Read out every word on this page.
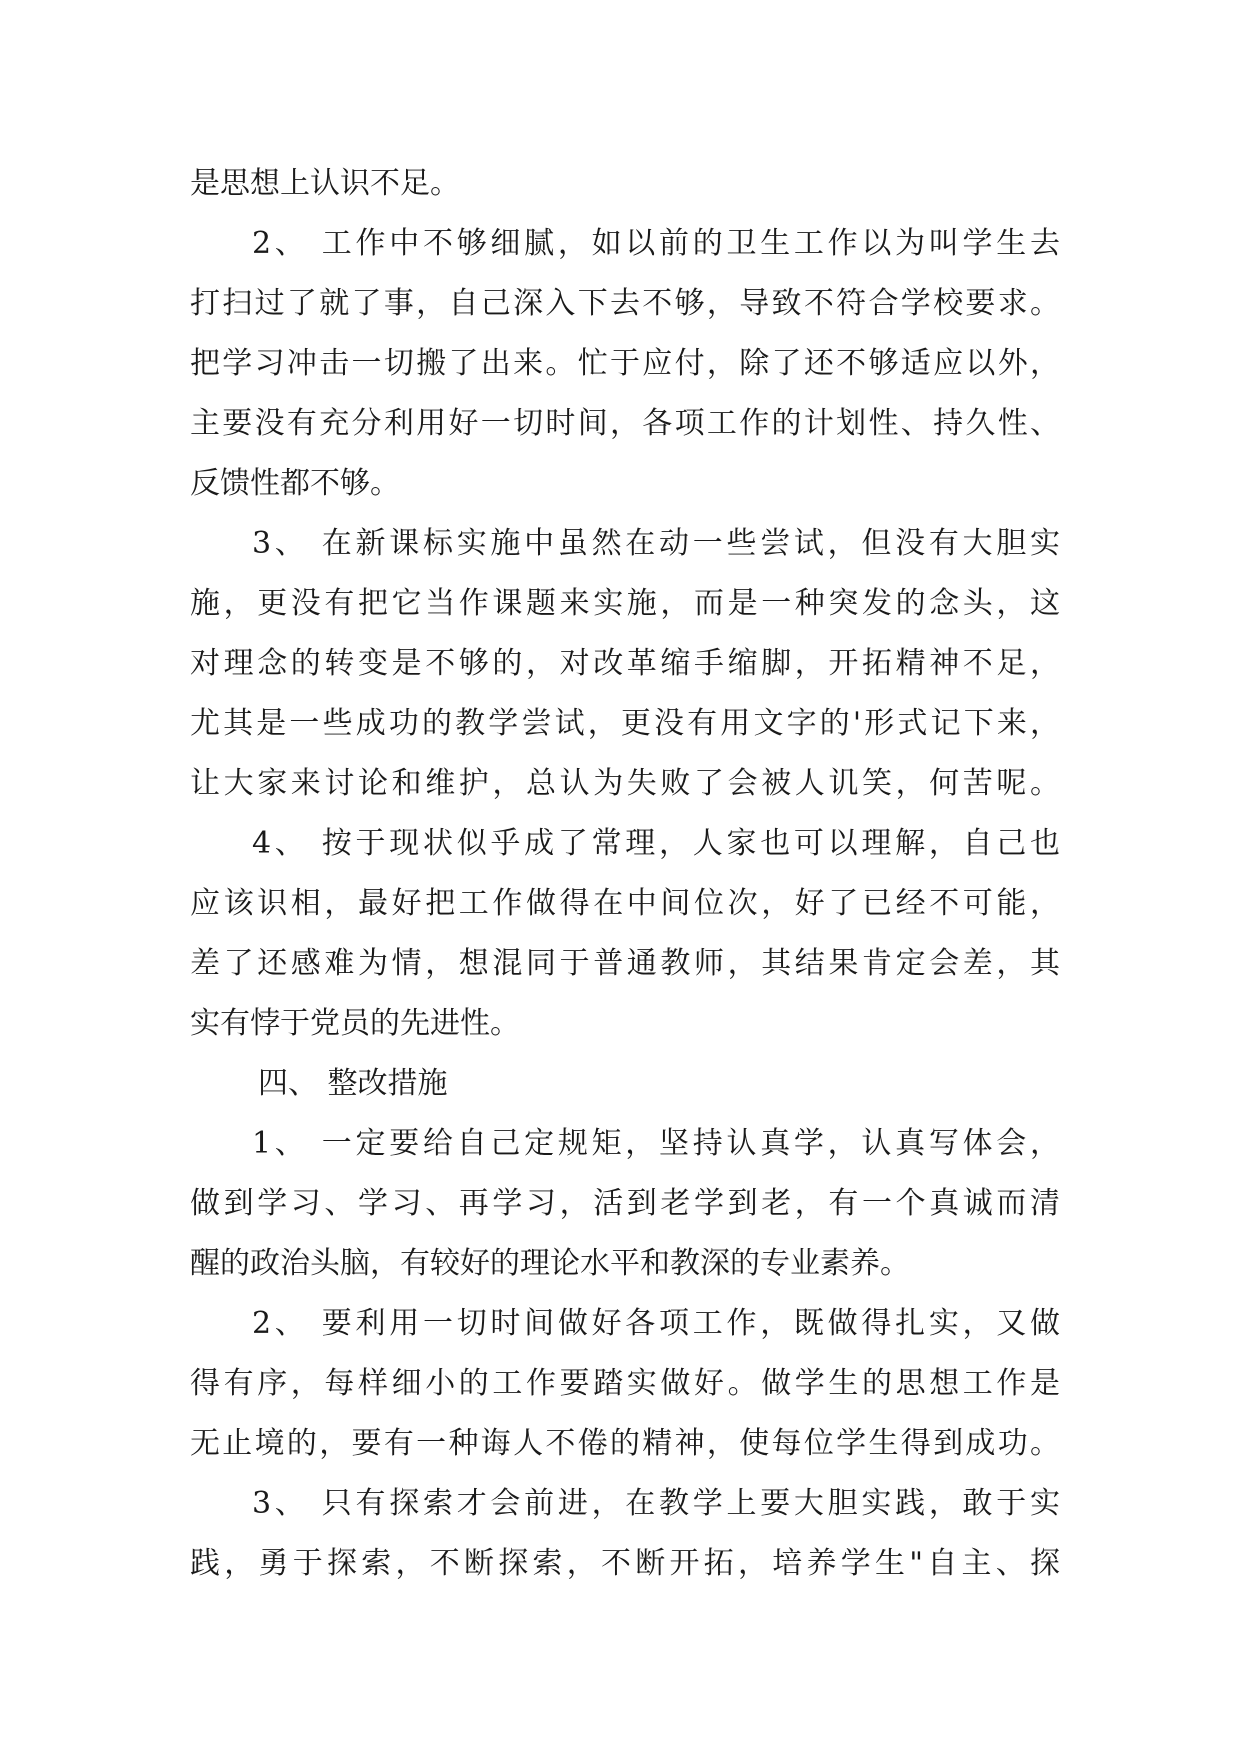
是思想上认识不足。
2、 工作中不够细腻，如以前的卫生工作以为叫学生去
打扫过了就了事，自己深入下去不够，导致不符合学校要求。
把学习冲击一切搬了出来。忙于应付，除了还不够适应以外，
主要没有充分利用好一切时间，各项工作的计划性、持久性、
反馈性都不够。
3、 在新课标实施中虽然在动一些尝试，但没有大胆实
施，更没有把它当作课题来实施，而是一种突发的念头，这
对理念的转变是不够的，对改革缩手缩脚，开拓精神不足，
尤其是一些成功的教学尝试，更没有用文字的'形式记下来，
让大家来讨论和维护，总认为失败了会被人讥笑，何苦呢。
4、 按于现状似乎成了常理，人家也可以理解，自己也
应该识相，最好把工作做得在中间位次，好了已经不可能，
差了还感难为情，想混同于普通教师，其结果肯定会差，其
实有悖于党员的先进性。
四、 整改措施
1、 一定要给自己定规矩，坚持认真学，认真写体会，
做到学习、学习、再学习，活到老学到老，有一个真诚而清
醒的政治头脑，有较好的理论水平和教深的专业素养。
2、 要利用一切时间做好各项工作，既做得扎实，又做
得有序，每样细小的工作要踏实做好。做学生的思想工作是
无止境的，要有一种诲人不倦的精神，使每位学生得到成功。
3、 只有探索才会前进，在教学上要大胆实践，敢于实
践，勇于探索，不断探索，不断开拓，培养学生"自主、探
